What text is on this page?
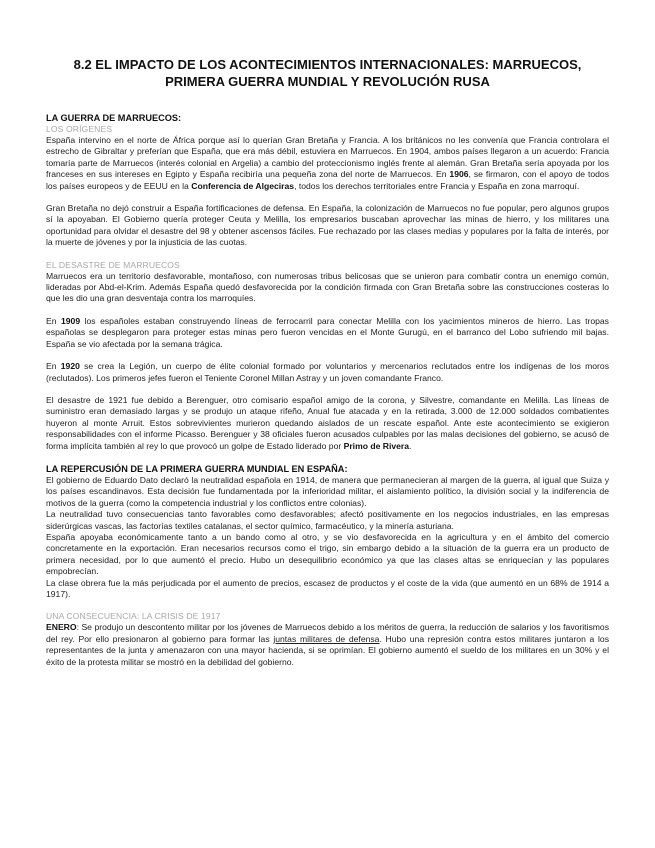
8.2 EL IMPACTO DE LOS ACONTECIMIENTOS INTERNACIONALES: MARRUECOS, PRIMERA GUERRA MUNDIAL Y REVOLUCIÓN RUSA
LA GUERRA DE MARRUECOS:
LOS ORÍGENES

España intervino en el norte de África porque así lo querían Gran Bretaña y Francia. A los británicos no les convenía que Francia controlara el estrecho de Gibraltar y preferían que España, que era más débil, estuviera en Marruecos. En 1904, ambos países llegaron a un acuerdo: Francia tomaría parte de Marruecos (interés colonial en Argelia) a cambio del proteccionismo inglés frente al alemán. Gran Bretaña sería apoyada por los franceses en sus intereses en Egipto y España recibiría una pequeña zona del norte de Marruecos. En 1906, se firmaron, con el apoyo de todos los países europeos y de EEUU en la Conferencia de Algeciras, todos los derechos territoriales entre Francia y España en zona marroquí.

Gran Bretaña no dejó construir a España fortificaciones de defensa. En España, la colonización de Marruecos no fue popular, pero algunos grupos sí la apoyaban. El Gobierno quería proteger Ceuta y Melilla, los empresarios buscaban aprovechar las minas de hierro, y los militares una oportunidad para olvidar el desastre del 98 y obtener ascensos fáciles. Fue rechazado por las clases medias y populares por la falta de interés, por la muerte de jóvenes y por la injusticia de las cuotas.

EL DESASTRE DE MARRUECOS

Marruecos era un territorio desfavorable, montañoso, con numerosas tribus belicosas que se unieron para combatir contra un enemigo común, lideradas por Abd-el-Krim. Además España quedó desfavorecida por la condición firmada con Gran Bretaña sobre las construcciones costeras lo que les dio una gran desventaja contra los marroquíes.

En 1909 los españoles estaban construyendo líneas de ferrocarril para conectar Melilla con los yacimientos mineros de hierro. Las tropas españolas se desplegaron para proteger estas minas pero fueron vencidas en el Monte Gurugú, en el barranco del Lobo sufriendo mil bajas. España se vio afectada por la semana trágica.

En 1920 se crea la Legión, un cuerpo de élite colonial formado por voluntarios y mercenarios reclutados entre los indígenas de los moros (reclutados). Los primeros jefes fueron el Teniente Coronel Millan Astray y un joven comandante Franco.

El desastre de 1921 fue debido a Berenguer, otro comisario español amigo de la corona, y Silvestre, comandante en Melilla. Las líneas de suministro eran demasiado largas y se produjo un ataque rifeño, Anual fue atacada y en la retirada, 3.000 de 12.000 soldados combatientes huyeron al monte Arruit. Estos sobrevivientes murieron quedando aislados de un rescate español. Ante este acontecimiento se exigieron responsabilidades con el informe Picasso. Berenguer y 38 oficiales fueron acusados culpables por las malas decisiones del gobierno, se acusó de forma implícita también al rey lo que provocó un golpe de Estado liderado por Primo de Rivera.

LA REPERCUSIÓN DE LA PRIMERA GUERRA MUNDIAL EN ESPAÑA:

El gobierno de Eduardo Dato declaró la neutralidad española en 1914, de manera que permanecieran al margen de la guerra, al igual que Suiza y los países escandinavos. Esta decisión fue fundamentada por la inferioridad militar, el aislamiento político, la división social y la indiferencia de motivos de la guerra (como la competencia industrial y los conflictos entre colonias).

La neutralidad tuvo consecuencias tanto favorables como desfavorables; afectó positivamente en los negocios industriales, en las empresas siderúrgicas vascas, las factorías textiles catalanas, el sector químico, farmacéutico, y la minería asturiana.

España apoyaba económicamente tanto a un bando como al otro, y se vio desfavorecida en la agricultura y en el ámbito del comercio concretamente en la exportación. Eran necesarios recursos como el trigo, sin embargo debido a la situación de la guerra era un producto de primera necesidad, por lo que aumentó el precio. Hubo un desequilibrio económico ya que las clases altas se enriquecían y las populares empobrecían.

La clase obrera fue la más perjudicada por el aumento de precios, escasez de productos y el coste de la vida (que aumentó en un 68% de 1914 a 1917).

UNA CONSECUENCIA: LA CRISIS DE 1917

ENERO: Se produjo un descontento militar por los jóvenes de Marruecos debido a los méritos de guerra, la reducción de salarios y los favoritismos del rey. Por ello presionaron al gobierno para formar las juntas militares de defensa. Hubo una represión contra estos militares juntaron a los representantes de la junta y amenazaron con una mayor hacienda, si se oprimían. El gobierno aumentó el sueldo de los militares en un 30% y el éxito de la protesta militar se mostró en la debilidad del gobierno.
